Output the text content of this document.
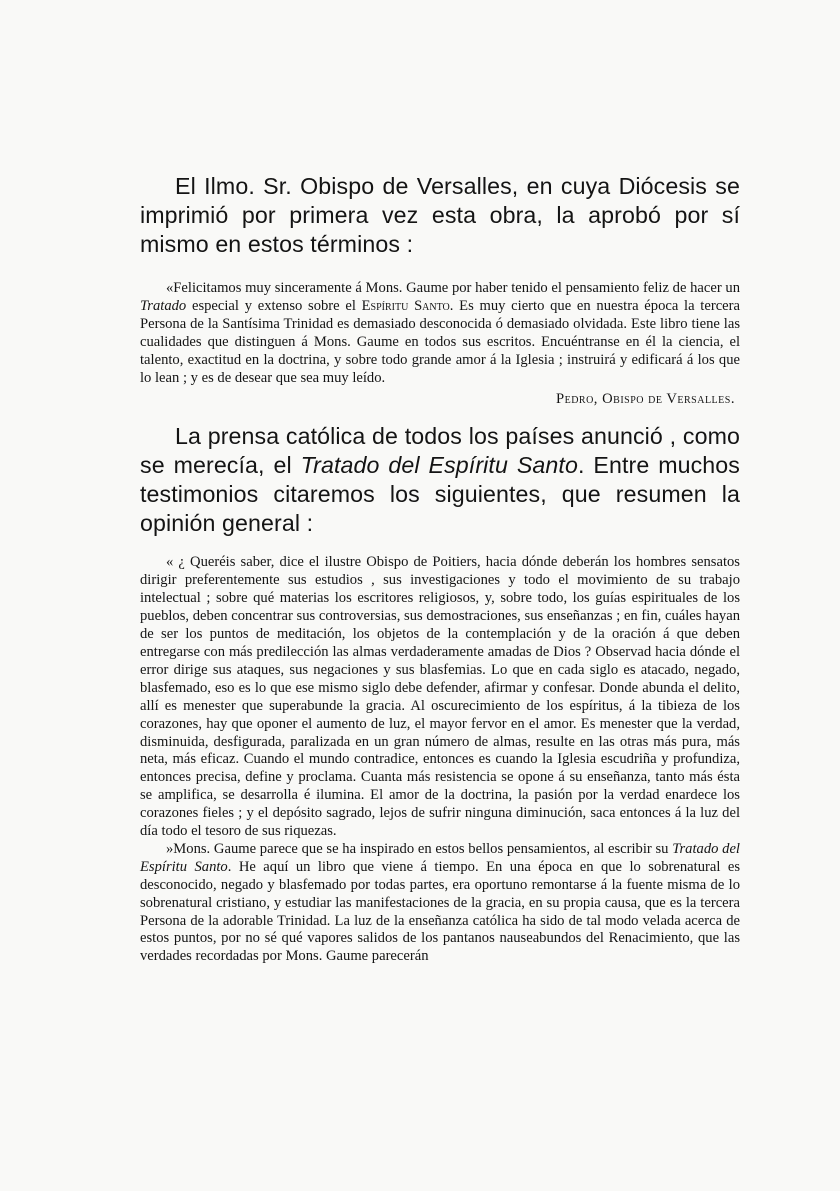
El Ilmo. Sr. Obispo de Versalles, en cuya Diócesis se imprimió por primera vez esta obra, la aprobó por sí mismo en estos términos :

«Felicitamos muy sinceramente á Mons. Gaume por haber tenido el pensamiento feliz de hacer un Tratado especial y extenso sobre el Espíritu Santo. Es muy cierto que en nuestra época la tercera Persona de la Santísima Trinidad es demasiado desconocida ó demasiado olvidada. Este libro tiene las cualidades que distinguen á Mons. Gaume en todos sus escritos. Encuéntranse en él la ciencia, el talento, exactitud en la doctrina, y sobre todo grande amor á la Iglesia ; instruirá y edificará á los que lo lean ; y es de desear que sea muy leído.

Pedro, Obispo de Versalles.

La prensa católica de todos los países anunció , como se merecía, el Tratado del Espíritu Santo. Entre muchos testimonios citaremos los siguientes, que resumen la opinión general :

« ¿ Queréis saber, dice el ilustre Obispo de Poitiers, hacia dónde deberán los hombres sensatos dirigir preferentemente sus estudios , sus investigaciones y todo el movimiento de su trabajo intelectual ; sobre qué materias los escritores religiosos, y, sobre todo, los guías espirituales de los pueblos, deben concentrar sus controversias, sus demostraciones, sus enseñanzas ; en fin, cuáles hayan de ser los puntos de meditación, los objetos de la contemplación y de la oración á que deben entregarse con más predilección las almas verdaderamente amadas de Dios ? Observad hacia dónde el error dirige sus ataques, sus negaciones y sus blasfemias. Lo que en cada siglo es atacado, negado, blasfemado, eso es lo que ese mismo siglo debe defender, afirmar y confesar. Donde abunda el delito, allí es menester que superabunde la gracia. Al oscurecimiento de los espíritus, á la tibieza de los corazones, hay que oponer el aumento de luz, el mayor fervor en el amor. Es menester que la verdad, disminuida, desfigurada, paralizada en un gran número de almas, resulte en las otras más pura, más neta, más eficaz. Cuando el mundo contradice, entonces es cuando la Iglesia escudriña y profundiza, entonces precisa, define y proclama. Cuanta más resistencia se opone á su enseñanza, tanto más ésta se amplifica, se desarrolla é ilumina. El amor de la doctrina, la pasión por la verdad enardece los corazones fieles ; y el depósito sagrado, lejos de sufrir ninguna diminución, saca entonces á la luz del día todo el tesoro de sus riquezas.

»Mons. Gaume parece que se ha inspirado en estos bellos pensamientos, al escribir su Tratado del Espíritu Santo. He aquí un libro que viene á tiempo. En una época en que lo sobrenatural es desconocido, negado y blasfemado por todas partes, era oportuno remontarse á la fuente misma de lo sobrenatural cristiano, y estudiar las manifestaciones de la gracia, en su propia causa, que es la tercera Persona de la adorable Trinidad. La luz de la enseñanza católica ha sido de tal modo velada acerca de estos puntos, por no sé qué vapores salidos de los pantanos nauseabundos del Renacimiento, que las verdades recordadas por Mons. Gaume parecerán
